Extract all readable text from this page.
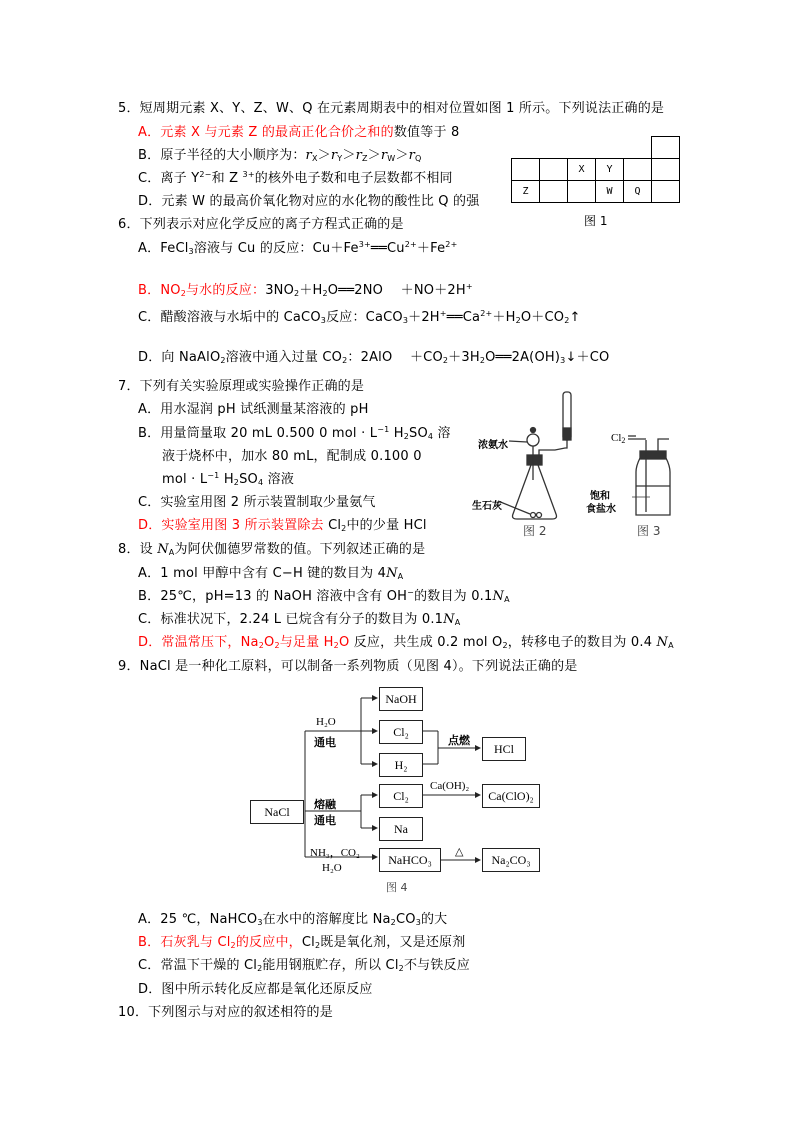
5．短周期元素 X、Y、Z、W、Q 在元素周期表中的相对位置如图 1 所示。下列说法正确的是
A．元素 X 与元素 Z 的最高正化合价之和的数值等于 8
B．原子半径的大小顺序为：$r_X>r_Y>r_Z>r_W>r_Q$
C．离子 $Y^{2-}$和 Z $^{3+}$的核外电子数和电子层数都不相同
D．元素 W 的最高价氧化物对应的水化物的酸性比 Q 的强

		X	Y		
Z			W	Q	
图 1
6．下列表示对应化学反应的离子方程式正确的是
A．FeCl$_3$溶液与 Cu 的反应：$Cu+Fe^{3+}══Cu^{2+}+Fe^{2+}$
B．$NO_2$与水的反应：$3NO_2+H_2O══2NO$　 ＋NO＋2H+
C．醋酸溶液与水垢中的 CaCO$_3$反应：$CaCO_3+2H^+══Ca^{2+}+H_2O+CO_2↑$
D．向 NaAlO$_2$溶液中通入过量 $CO_2$：2AlO　 $+CO_2+3H_2O══2A(OH)_3↓+CO$
7．下列有关实验原理或实验操作正确的是
A．用水湿润 pH 试纸测量某溶液的 pH
B．用量筒量取 20 mL 0.500 0 mol · $L^{-1}$ $H_2SO_4$ 溶
液于烧杯中，加水 80 mL，配制成 0.100 0
mol · $L^{-1}$ $H_2SO_4$ 溶液
C．实验室用图 2 所示装置制取少量氨气
D．实验室用图 3 所示装置除去 $Cl_2$中的少量 HCl
浓氨水
生石灰
图 2
$Cl_2$
饱和
食盐水
图 3
8．设 $N_A$为阿伏伽德罗常数的值。下列叙述正确的是
A．1 mol 甲醇中含有 C−H 键的数目为 $4N_A$
B．25℃，pH=13 的 NaOH 溶液中含有 OH−的数目为 $0.1N_A$
C．标准状况下，2.24 L 已烷含有分子的数目为 $0.1N_A$
D．常温常压下，$Na_2O_2$与足量 $H_2O$ 反应，共生成 0.2 mol $O_2$，转移电子的数目为 0.4 $N_A$
9．NaCl 是一种化工原料，可以制备一系列物质（见图 4）。下列说法正确的是
NaCl
NaOH
Cl₂
H₂
HCl
Cl₂	Ca(ClO)₂
Na
NaHCO₃	Na₂CO₃
H₂O
通电
熔融
通电
NH₃，CO₂
H₂O
点燃
Ca(OH)₂
△
图 4
A．25 ℃，NaHCO$_3$在水中的溶解度比 $Na_2CO_3$的大
B．石灰乳与 $Cl_2$的反应中，$Cl_2$既是氧化剂，又是还原剂
C．常温下干燥的 $Cl_2$能用钢瓶贮存，所以 $Cl_2$不与铁反应
D．图中所示转化反应都是氧化还原反应
10．下列图示与对应的叙述相符的是
